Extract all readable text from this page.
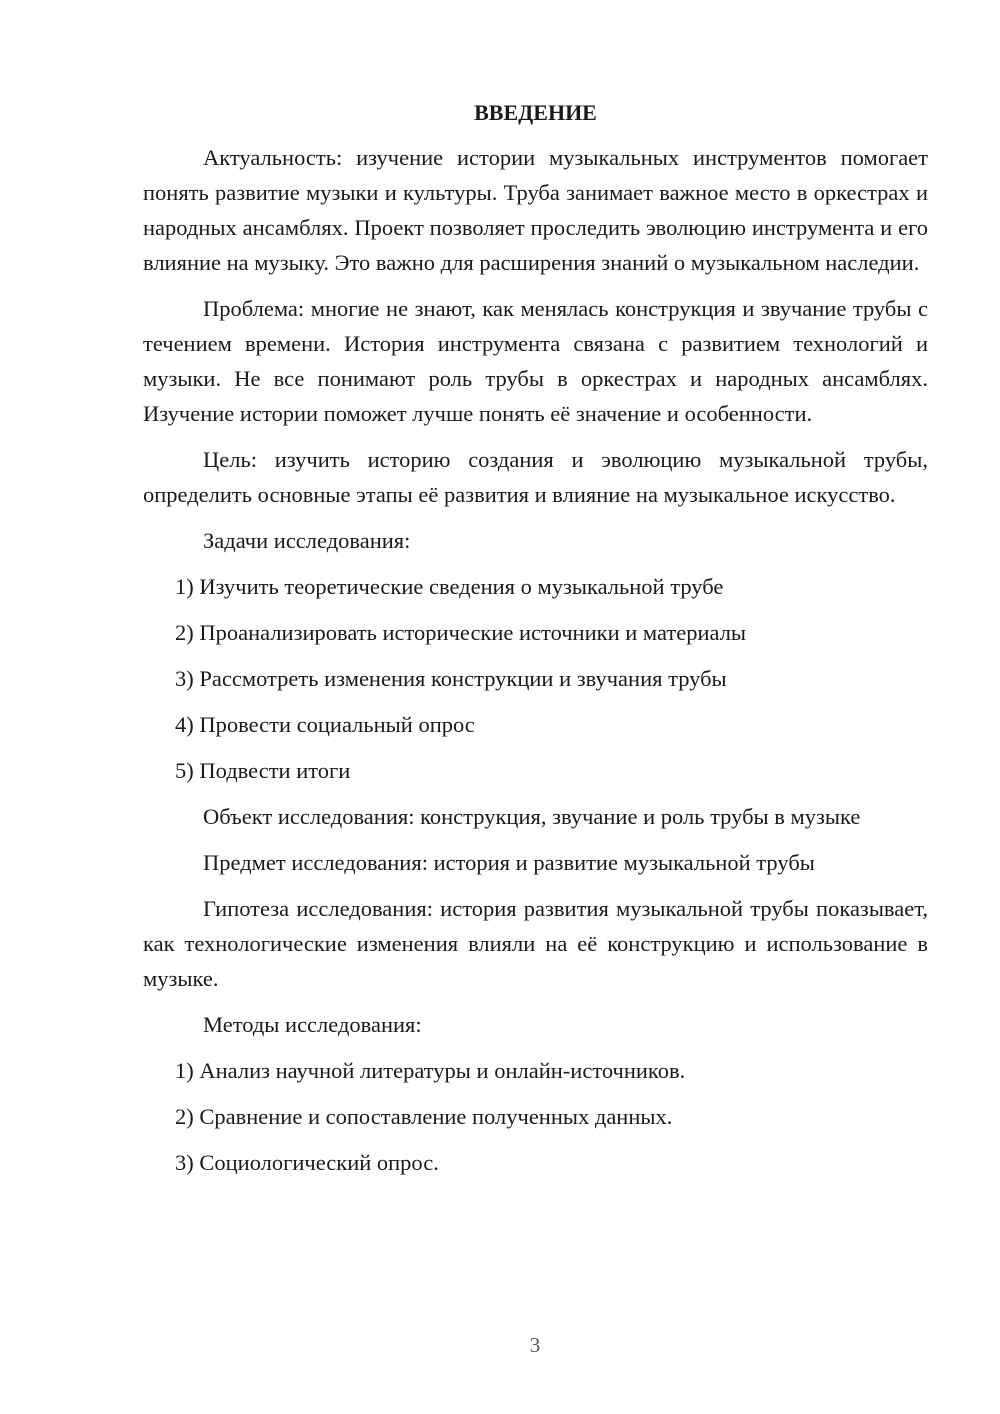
ВВЕДЕНИЕ

Актуальность: изучение истории музыкальных инструментов помогает понять развитие музыки и культуры. Труба занимает важное место в оркестрах и народных ансамблях. Проект позволяет проследить эволюцию инструмента и его влияние на музыку. Это важно для расширения знаний о музыкальном наследии.

Проблема: многие не знают, как менялась конструкция и звучание трубы с течением времени. История инструмента связана с развитием технологий и музыки. Не все понимают роль трубы в оркестрах и народных ансамблях. Изучение истории поможет лучше понять её значение и особенности.

Цель: изучить историю создания и эволюцию музыкальной трубы, определить основные этапы её развития и влияние на музыкальное искусство.

Задачи исследования:

1) Изучить теоретические сведения о музыкальной трубе

2) Проанализировать исторические источники и материалы

3) Рассмотреть изменения конструкции и звучания трубы

4) Провести социальный опрос

5) Подвести итоги

Объект исследования: конструкция, звучание и роль трубы в музыке

Предмет исследования: история и развитие музыкальной трубы

Гипотеза исследования: история развития музыкальной трубы показывает, как технологические изменения влияли на её конструкцию и использование в музыке.

Методы исследования:

1) Анализ научной литературы и онлайн-источников.

2) Сравнение и сопоставление полученных данных.

3) Социологический опрос.

3
